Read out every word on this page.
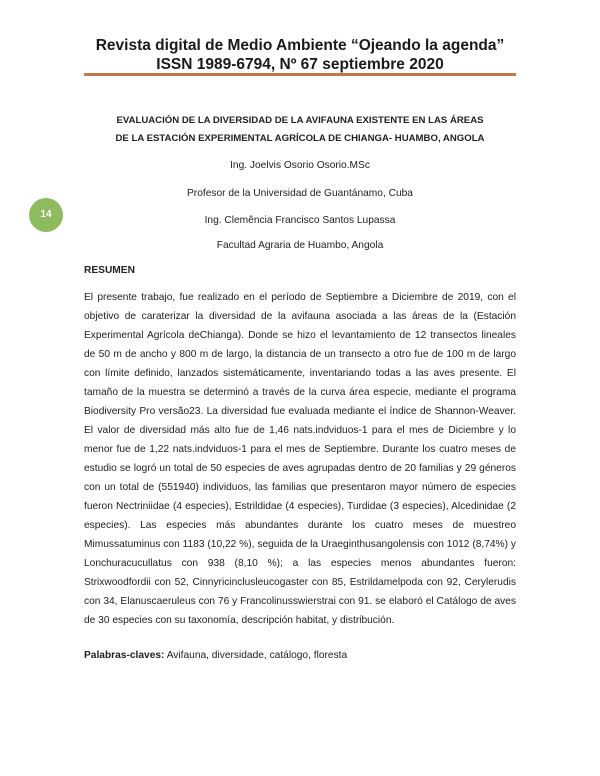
Revista digital de Medio Ambiente “Ojeando la agenda”
ISSN 1989-6794, Nº 67 septiembre 2020
EVALUACIÓN DE LA DIVERSIDAD DE LA AVIFAUNA EXISTENTE EN LAS ÁREAS
DE LA ESTACIÓN EXPERIMENTAL AGRÍCOLA DE CHIANGA- HUAMBO, ANGOLA
Ing. Joelvis Osorio Osorio.MSc
Profesor de la Universidad de Guantánamo, Cuba
Ing. Clemência Francisco Santos Lupassa
Facultad Agraria de Huambo, Angola
14
RESUMEN

El presente trabajo, fue realizado en el período de Septiembre a Diciembre de 2019, con el objetivo de caraterizar la diversidad de la avifauna asociada a las áreas de la (Estación Experimental Agrícola deChianga). Donde se hizo el levantamiento de 12 transectos lineales de 50 m de ancho y 800 m de largo, la distancia de un transecto a otro fue de 100 m de largo con límite definido, lanzados sistemáticamente, inventariando todas a las aves presente. El tamaño de la muestra se determinó a través de la curva área especie, mediante el programa Biodiversity Pro versão23. La diversidad fue evaluada mediante el índice de Shannon-Weaver. El valor de diversidad más alto fue de 1,46 nats.indviduos-1 para el mes de Diciembre y lo menor fue de 1,22 nats.indviduos-1 para el mes de Septiembre. Durante los cuatro meses de estudio se logró un total de 50 especies de aves agrupadas dentro de 20 familias y 29 géneros con un total de (551940) individuos, las familias que presentaron mayor número de especies fueron Nectriniidae (4 especies), Estrildidae (4 especies), Turdidae (3 especies), Alcedinidae (2 especies). Las especies más abundantes durante los cuatro meses de muestreo Mimussatuminus con 1183 (10,22 %), seguida de la Uraeginthusangolensis con 1012 (8,74%) y Lonchuracucullatus con 938 (8,10 %); a las especies menos abundantes fueron: Strixwoodfordii con 52, Cinnyricinclusleucogaster con 85, Estrildamelpoda con 92, Cerylerudis con 34, Elanuscaeruleus con 76 y Francolinusswierstrai con 91. se elaboró el Catálogo de aves de 30 especies con su taxonomía, descripción habitat, y distribución.

Palabras-claves: Avifauna, diversidade, catálogo, floresta
